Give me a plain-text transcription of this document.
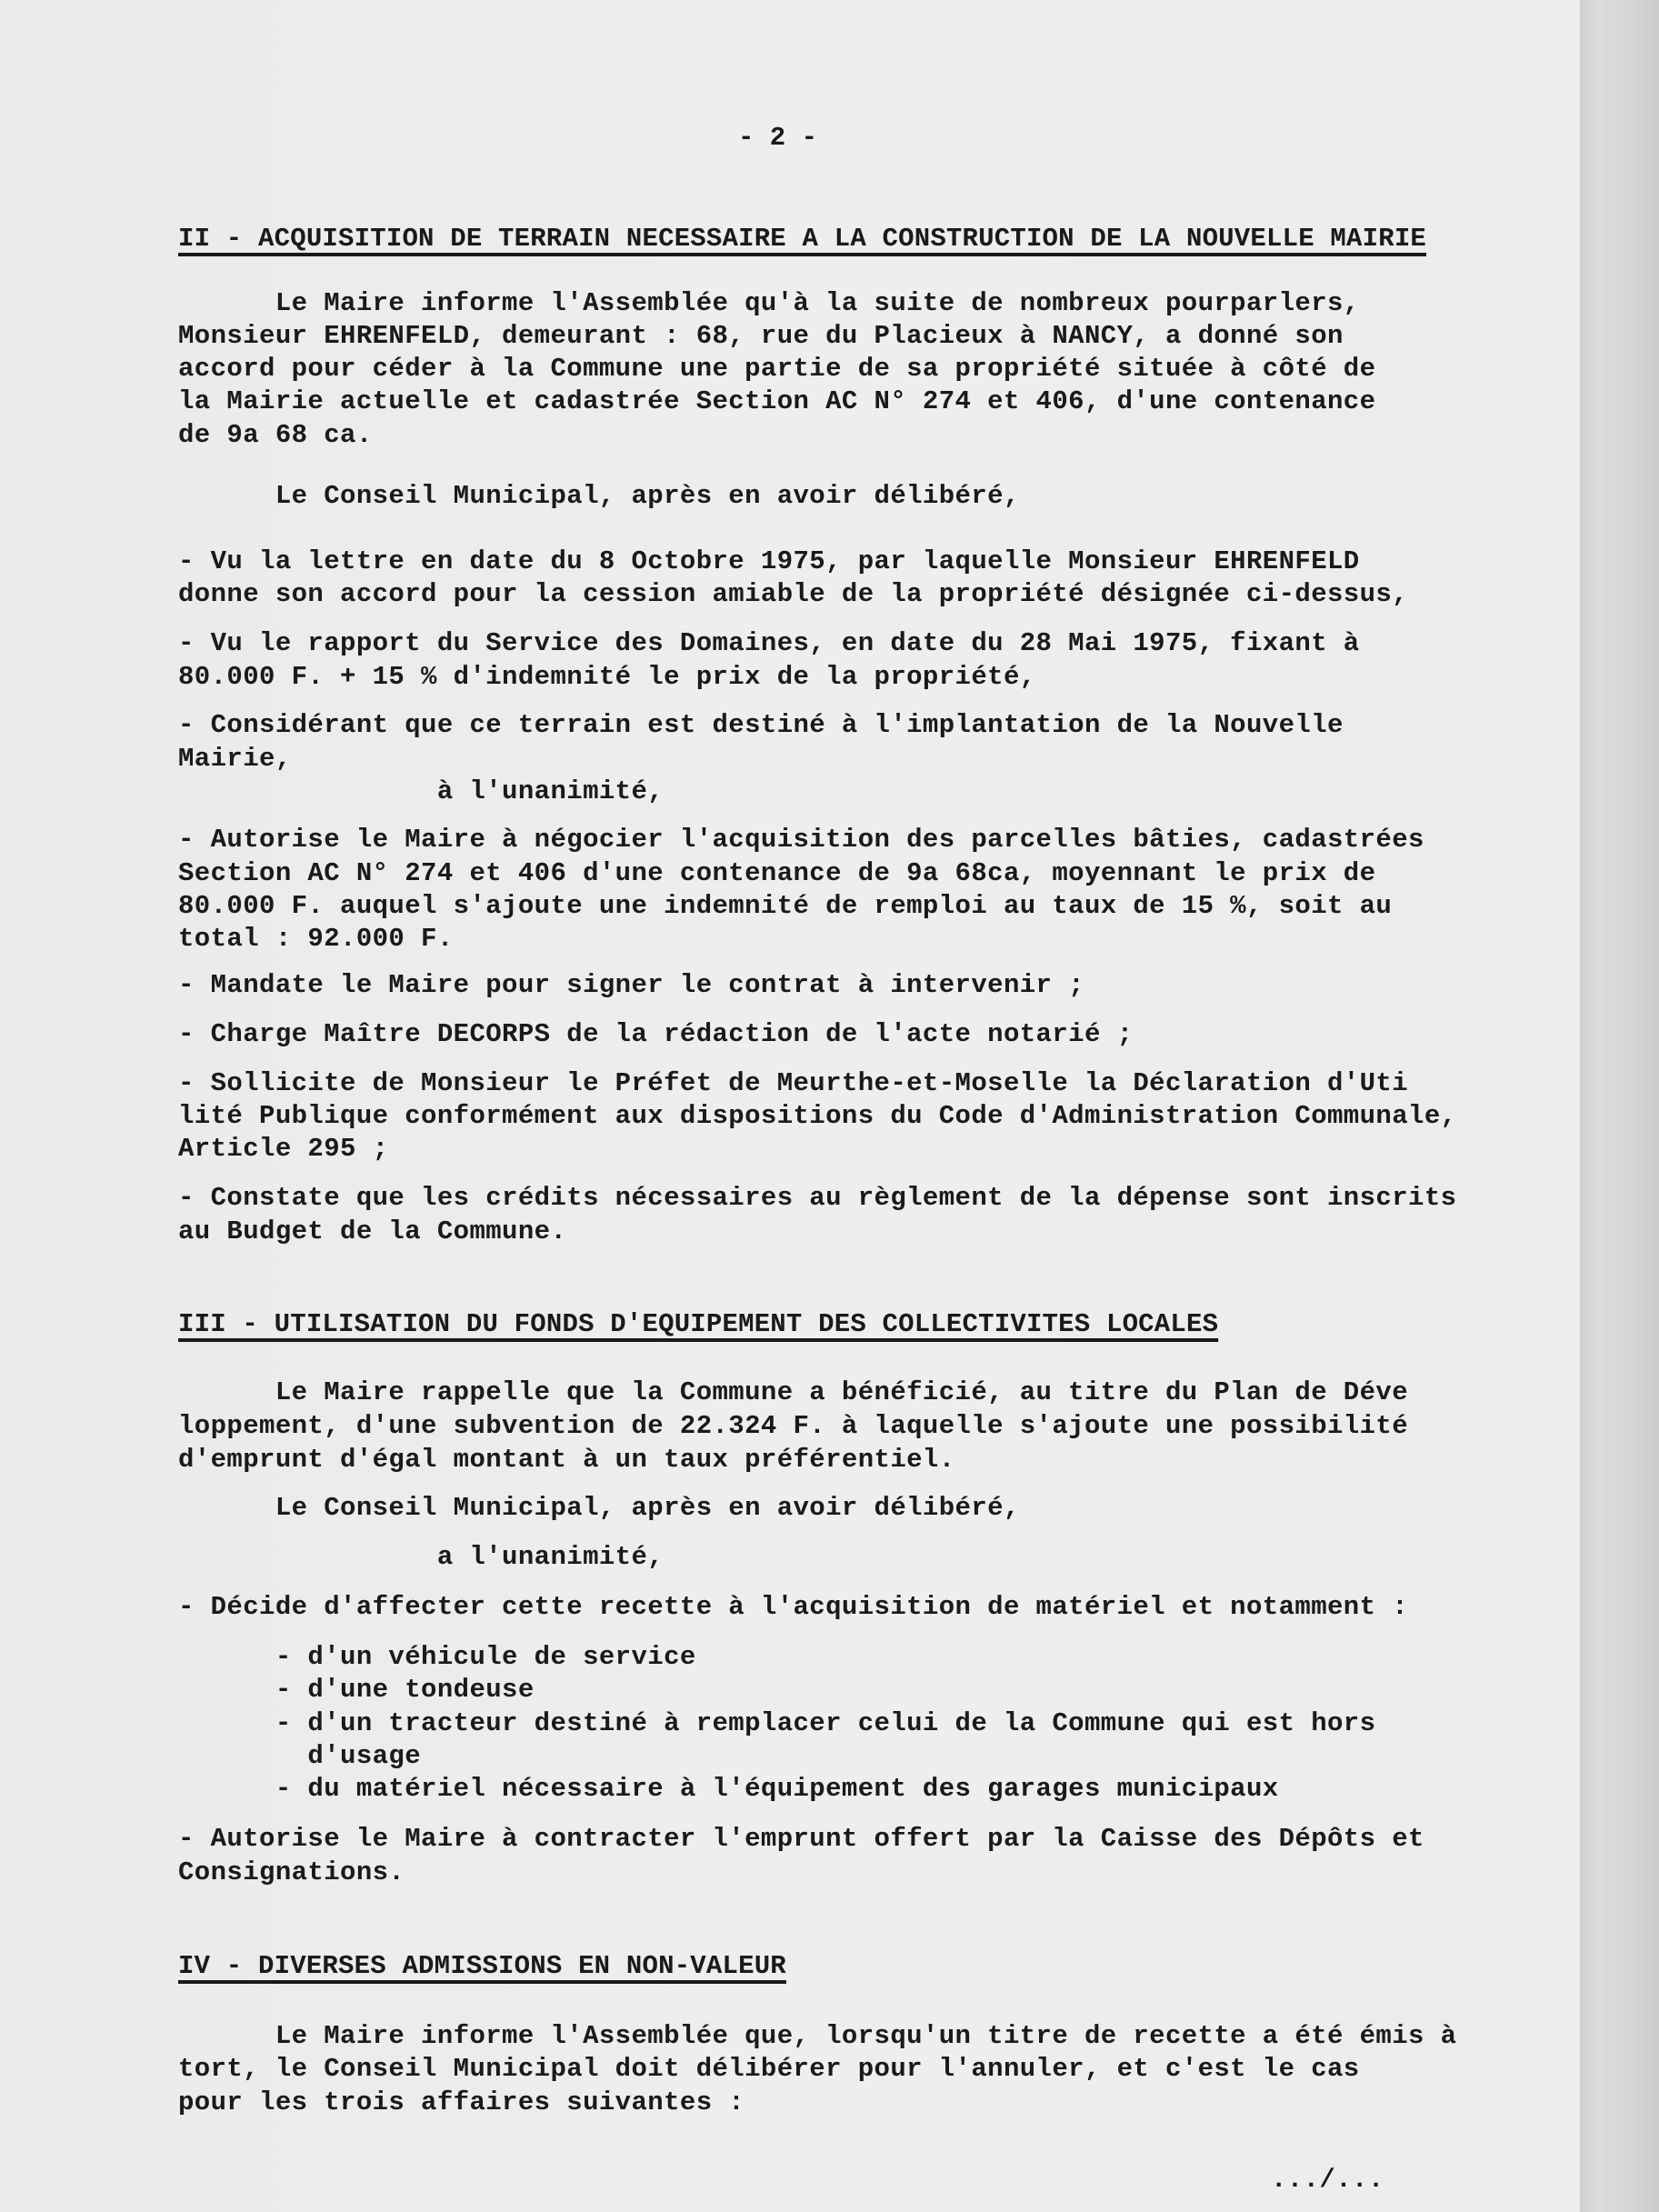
- 2 -
II - ACQUISITION DE TERRAIN NECESSAIRE A LA CONSTRUCTION DE LA NOUVELLE MAIRIE
Le Maire informe l'Assemblée qu'à la suite de nombreux pourparlers,
Monsieur EHRENFELD, demeurant : 68, rue du Placieux à NANCY, a donné son
accord pour céder à la Commune une partie de sa propriété située à côté de
la Mairie actuelle et cadastrée Section AC N° 274 et 406, d'une contenance
de 9a 68 ca.
Le Conseil Municipal, après en avoir délibéré,
- Vu la lettre en date du 8 Octobre 1975, par laquelle Monsieur EHRENFELD
donne son accord pour la cession amiable de la propriété désignée ci-dessus,
- Vu le rapport du Service des Domaines, en date du 28 Mai 1975, fixant à
80.000 F. + 15 % d'indemnité le prix de la propriété,
- Considérant que ce terrain est destiné à l'implantation de la Nouvelle
Mairie,
à l'unanimité,
- Autorise le Maire à négocier l'acquisition des parcelles bâties, cadastrées
Section AC N° 274 et 406 d'une contenance de 9a 68ca, moyennant le prix de
80.000 F. auquel s'ajoute une indemnité de remploi au taux de 15 %, soit au
total : 92.000 F.
- Mandate le Maire pour signer le contrat à intervenir ;
- Charge Maître DECORPS de la rédaction de l'acte notarié ;
- Sollicite de Monsieur le Préfet de Meurthe-et-Moselle la Déclaration d'Uti
lité Publique conformément aux dispositions du Code d'Administration Communale,
Article 295 ;
- Constate que les crédits nécessaires au règlement de la dépense sont inscrits
au Budget de la Commune.
III - UTILISATION DU FONDS D'EQUIPEMENT DES COLLECTIVITES LOCALES
Le Maire rappelle que la Commune a bénéficié, au titre du Plan de Déve
loppement, d'une subvention de 22.324 F. à laquelle s'ajoute une possibilité
d'emprunt d'égal montant à un taux préférentiel.
Le Conseil Municipal, après en avoir délibéré,
a l'unanimité,
- Décide d'affecter cette recette à l'acquisition de matériel et notamment :
- d'un véhicule de service
- d'une tondeuse
- d'un tracteur destiné à remplacer celui de la Commune qui est hors
d'usage
- du matériel nécessaire à l'équipement des garages municipaux
- Autorise le Maire à contracter l'emprunt offert par la Caisse des Dépôts et
Consignations.
IV - DIVERSES ADMISSIONS EN NON-VALEUR
Le Maire informe l'Assemblée que, lorsqu'un titre de recette a été émis à
tort, le Conseil Municipal doit délibérer pour l'annuler, et c'est le cas
pour les trois affaires suivantes :
.../...
